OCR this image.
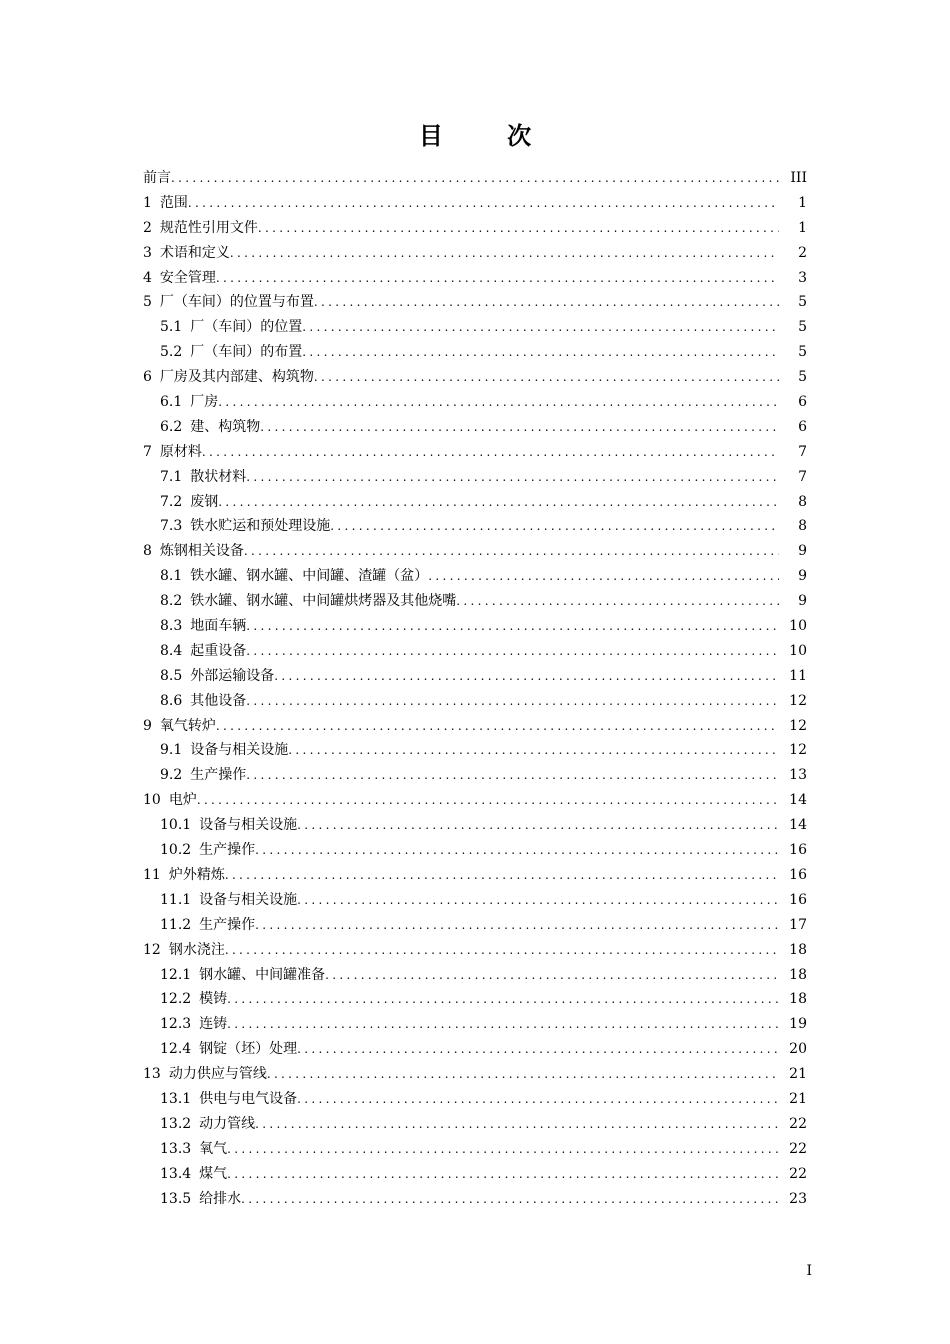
目 次
前言 .....	III
1 范围 .....	1
2 规范性引用文件 .....	1
3 术语和定义 .....	2
4 安全管理 .....	3
5 厂（车间）的位置与布置 .....	5
5.1 厂（车间）的位置 .....	5
5.2 厂（车间）的布置 .....	5
6 厂房及其内部建、构筑物 .....	5
6.1 厂房 .....	6
6.2 建、构筑物 .....	6
7 原材料 .....	7
7.1 散状材料 .....	7
7.2 废钢 .....	8
7.3 铁水贮运和预处理设施 .....	8
8 炼钢相关设备 .....	9
8.1 铁水罐、钢水罐、中间罐、渣罐（盆） .....	9
8.2 铁水罐、钢水罐、中间罐烘烤器及其他烧嘴 .....	9
8.3 地面车辆 .....	10
8.4 起重设备 .....	10
8.5 外部运输设备 .....	11
8.6 其他设备 .....	12
9 氧气转炉 .....	12
9.1 设备与相关设施 .....	12
9.2 生产操作 .....	13
10 电炉 .....	14
10.1 设备与相关设施 .....	14
10.2 生产操作 .....	16
11 炉外精炼 .....	16
11.1 设备与相关设施 .....	16
11.2 生产操作 .....	17
12 钢水浇注 .....	18
12.1 钢水罐、中间罐准备 .....	18
12.2 模铸 .....	18
12.3 连铸 .....	19
12.4 钢锭（坯）处理 .....	20
13 动力供应与管线 .....	21
13.1 供电与电气设备 .....	21
13.2 动力管线 .....	22
13.3 氧气 .....	22
13.4 煤气 .....	22
13.5 给排水 .....	23
I
